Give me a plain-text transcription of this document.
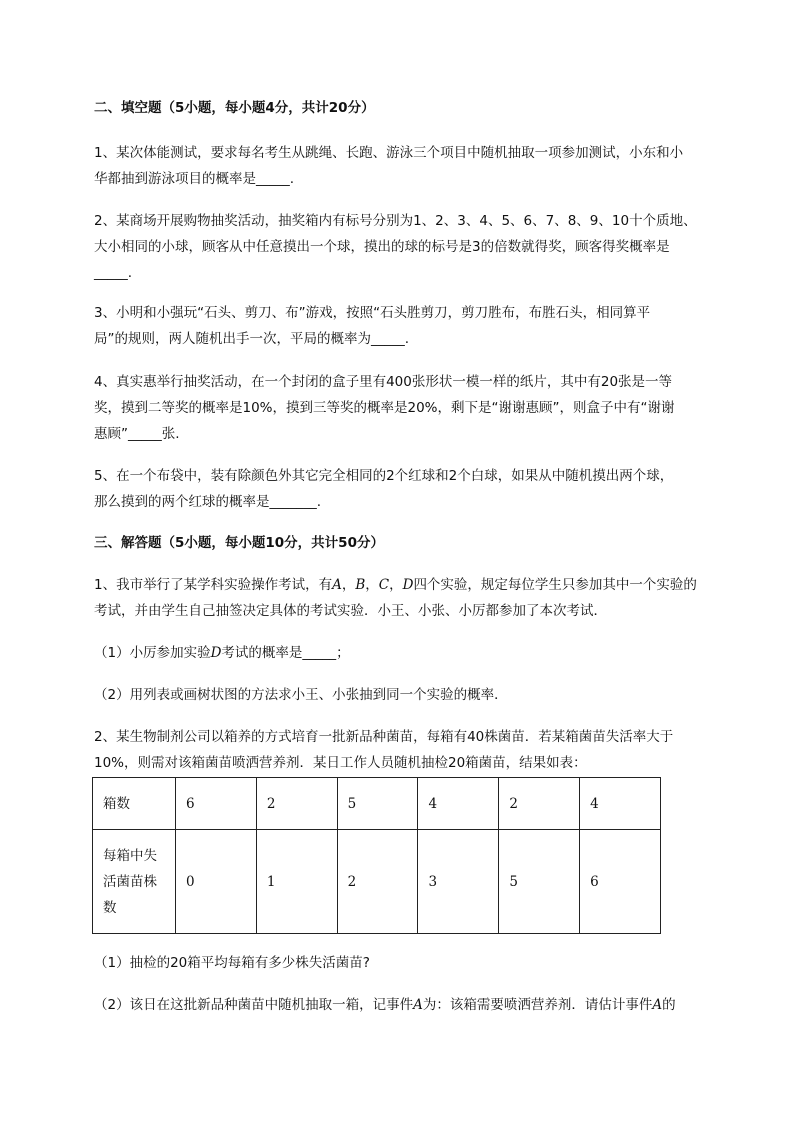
二、填空题（5小题，每小题4分，共计20分）
1、某次体能测试，要求每名考生从跳绳、长跑、游泳三个项目中随机抽取一项参加测试，小东和小
华都抽到游泳项目的概率是_____.
2、某商场开展购物抽奖活动，抽奖箱内有标号分别为1、2、3、4、5、6、7、8、9、10十个质地、
大小相同的小球，顾客从中任意摸出一个球，摸出的球的标号是3的倍数就得奖，顾客得奖概率是
_____.
3、小明和小强玩“石头、剪刀、布”游戏，按照“石头胜剪刀，剪刀胜布，布胜石头，相同算平
局”的规则，两人随机出手一次，平局的概率为_____.
4、真实惠举行抽奖活动，在一个封闭的盒子里有400张形状一模一样的纸片，其中有20张是一等
奖，摸到二等奖的概率是10%，摸到三等奖的概率是20%，剩下是“谢谢惠顾”，则盒子中有“谢谢
惠顾”_____张.
5、在一个布袋中，装有除颜色外其它完全相同的2个红球和2个白球，如果从中随机摸出两个球，
那么摸到的两个红球的概率是_______.
三、解答题（5小题，每小题10分，共计50分）
1、我市举行了某学科实验操作考试，有A，B，C，D四个实验，规定每位学生只参加其中一个实验的
考试，并由学生自己抽签决定具体的考试实验．小王、小张、小厉都参加了本次考试．
（1）小厉参加实验D考试的概率是_____；
（2）用列表或画树状图的方法求小王、小张抽到同一个实验的概率．
2、某生物制剂公司以箱养的方式培育一批新品种菌苗，每箱有40株菌苗．若某箱菌苗失活率大于
10%，则需对该箱菌苗喷洒营养剂．某日工作人员随机抽检20箱菌苗，结果如表：
箱数	6	2	5	4	2	4

每箱中失
活菌苗株
数	0	1	2	3	5	6
（1）抽检的20箱平均每箱有多少株失活菌苗?
（2）该日在这批新品种菌苗中随机抽取一箱，记事件A为：该箱需要喷洒营养剂．请估计事件A的
